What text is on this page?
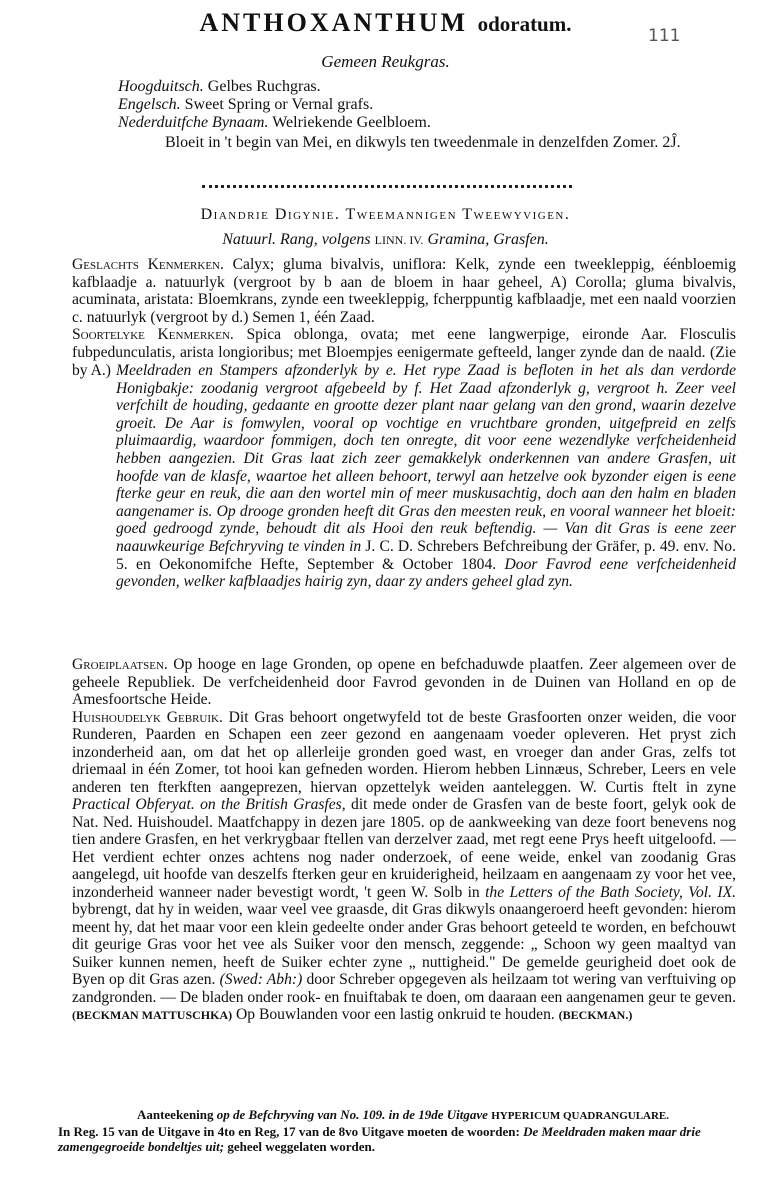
ANTHOXANTHUM odoratum.	111
Gemeen Reukgras.
Hoogduitsch. Gelbes Ruchgras.
Engelsch. Sweet Spring or Vernal grafs.
Nederduitfche Bynaam. Welriekende Geelbloem.
Bloeit in 't begin van Mei, en dikwyls ten tweedenmale in denzelfden Zomer. 2Ĵ.
Diandrie Digynie. Tweemannigen Tweewyvigen.
Natuurl. Rang, volgens LINN. IV. Gramina, Grasfen.

Geslachts Kenmerken. Calyx; gluma bivalvis, uniflora: Kelk, zynde een tweekleppig, éénbloemig kafblaadje a. natuurlyk (vergroot by b aan de bloem in haar geheel, A) Corolla; gluma bivalvis, acuminata, aristata: Bloemkrans, zynde een tweekleppig, fcherppuntig kafblaadje, met een naald voorzien c. natuurlyk (vergroot by d.) Semen 1, één Zaad.

Soortelyke Kenmerken. Spica oblonga, ovata; met eene langwerpige, eironde Aar. Flosculis fubpedunculatis, arista longioribus; met Bloempjes eenigermate gefteeld, langer zynde dan de naald. (Zie by A.) Meeldraden en Stampers afzonderlyk by e. Het rype Zaad is befloten in het als dan verdorde Honigbakje: zoodanig vergroot afgebeeld by f. Het Zaad afzonderlyk g, vergroot h. Zeer veel verfchilt de houding, gedaante en grootte dezer plant naar gelang van den grond, waarin dezelve groeit. De Aar is fomwylen, vooral op vochtige en vruchtbare gronden, uitgefpreid en zelfs pluimaardig, waardoor fommigen, doch ten onregte, dit voor eene wezendlyke verfcheidenheid hebben aangezien. Dit Gras laat zich zeer gemakkelyk onderkennen van andere Grasfen, uit hoofde van de klasfe, waartoe het alleen behoort, terwyl aan hetzelve ook byzonder eigen is eene fterke geur en reuk, die aan den wortel min of meer muskusachtig, doch aan den halm en bladen aangenamer is. Op drooge gronden heeft dit Gras den meesten reuk, en vooral wanneer het bloeit: goed gedroogd zynde, behoudt dit als Hooi den reuk beftendig. — Van dit Gras is eene zeer naauwkeurige Befchryving te vinden in J. C. D. Schrebers Befchreibung der Gräfer, p. 49. env. No. 5. en Oekonomifche Hefte, September & October 1804. Door Favrod eene verfcheidenheid gevonden, welker kafblaadjes hairig zyn, daar zy anders geheel glad zyn.

Groeiplaatsen. Op hooge en lage Gronden, op opene en befchaduwde plaatfen. Zeer algemeen over de geheele Republiek. De verfcheidenheid door Favrod gevonden in de Duinen van Holland en op de Amesfoortsche Heide.

Huishoudelyk Gebruik. Dit Gras behoort ongetwyfeld tot de beste Grasfoorten onzer weiden, die voor Runderen, Paarden en Schapen een zeer gezond en aangenaam voeder opleveren. Het pryst zich inzonderheid aan, om dat het op allerleije gronden goed wast, en vroeger dan ander Gras, zelfs tot driemaal in één Zomer, tot hooi kan gefneden worden. Hierom hebben Linnæus, Schreber, Leers en vele anderen ten fterkften aangeprezen, hiervan opzettelyk weiden aanteleggen. W. Curtis ftelt in zyne Practical Obferyat. on the British Grasfes, dit mede onder de Grasfen van de beste foort, gelyk ook de Nat. Ned. Huishoudel. Maatfchappy in dezen jare 1805. op de aankweeking van deze foort benevens nog tien andere Grasfen, en het verkrygbaar ftellen van derzelver zaad, met regt eene Prys heeft uitgeloofd. — Het verdient echter onzes achtens nog nader onderzoek, of eene weide, enkel van zoodanig Gras aangelegd, uit hoofde van deszelfs fterken geur en kruiderigheid, heilzaam en aangenaam zy voor het vee, inzonderheid wanneer nader bevestigt wordt, 't geen W. Solb in the Letters of the Bath Society, Vol. IX. bybrengt, dat hy in weiden, waar veel vee graasde, dit Gras dikwyls onaangeroerd heeft gevonden: hierom meent hy, dat het maar voor een klein gedeelte onder ander Gras behoort geteeld te worden, en befchouwt dit geurige Gras voor het vee als Suiker voor den mensch, zeggende: „ Schoon wy geen maaltyd van Suiker kunnen nemen, heeft de Suiker echter zyne „ nuttigheid." De gemelde geurigheid doet ook de Byen op dit Gras azen. (Swed: Abh:) door Schreber opgegeven als heilzaam tot wering van verftuiving op zandgronden. — De bladen onder rook- en fnuiftabak te doen, om daaraan een aangenamen geur te geven. (BECKMAN MATTUSCHKA) Op Bouwlanden voor een lastig onkruid te houden. (BECKMAN.)

Aanteekening op de Befchryving van No. 109. in de 19de Uitgave HYPERICUM QUADRANGULARE.

In Reg. 15 van de Uitgave in 4to en Reg, 17 van de 8vo Uitgave moeten de woorden: De Meeldraden maken maar drie zamengegroeide bondeltjes uit; geheel weggelaten worden.
